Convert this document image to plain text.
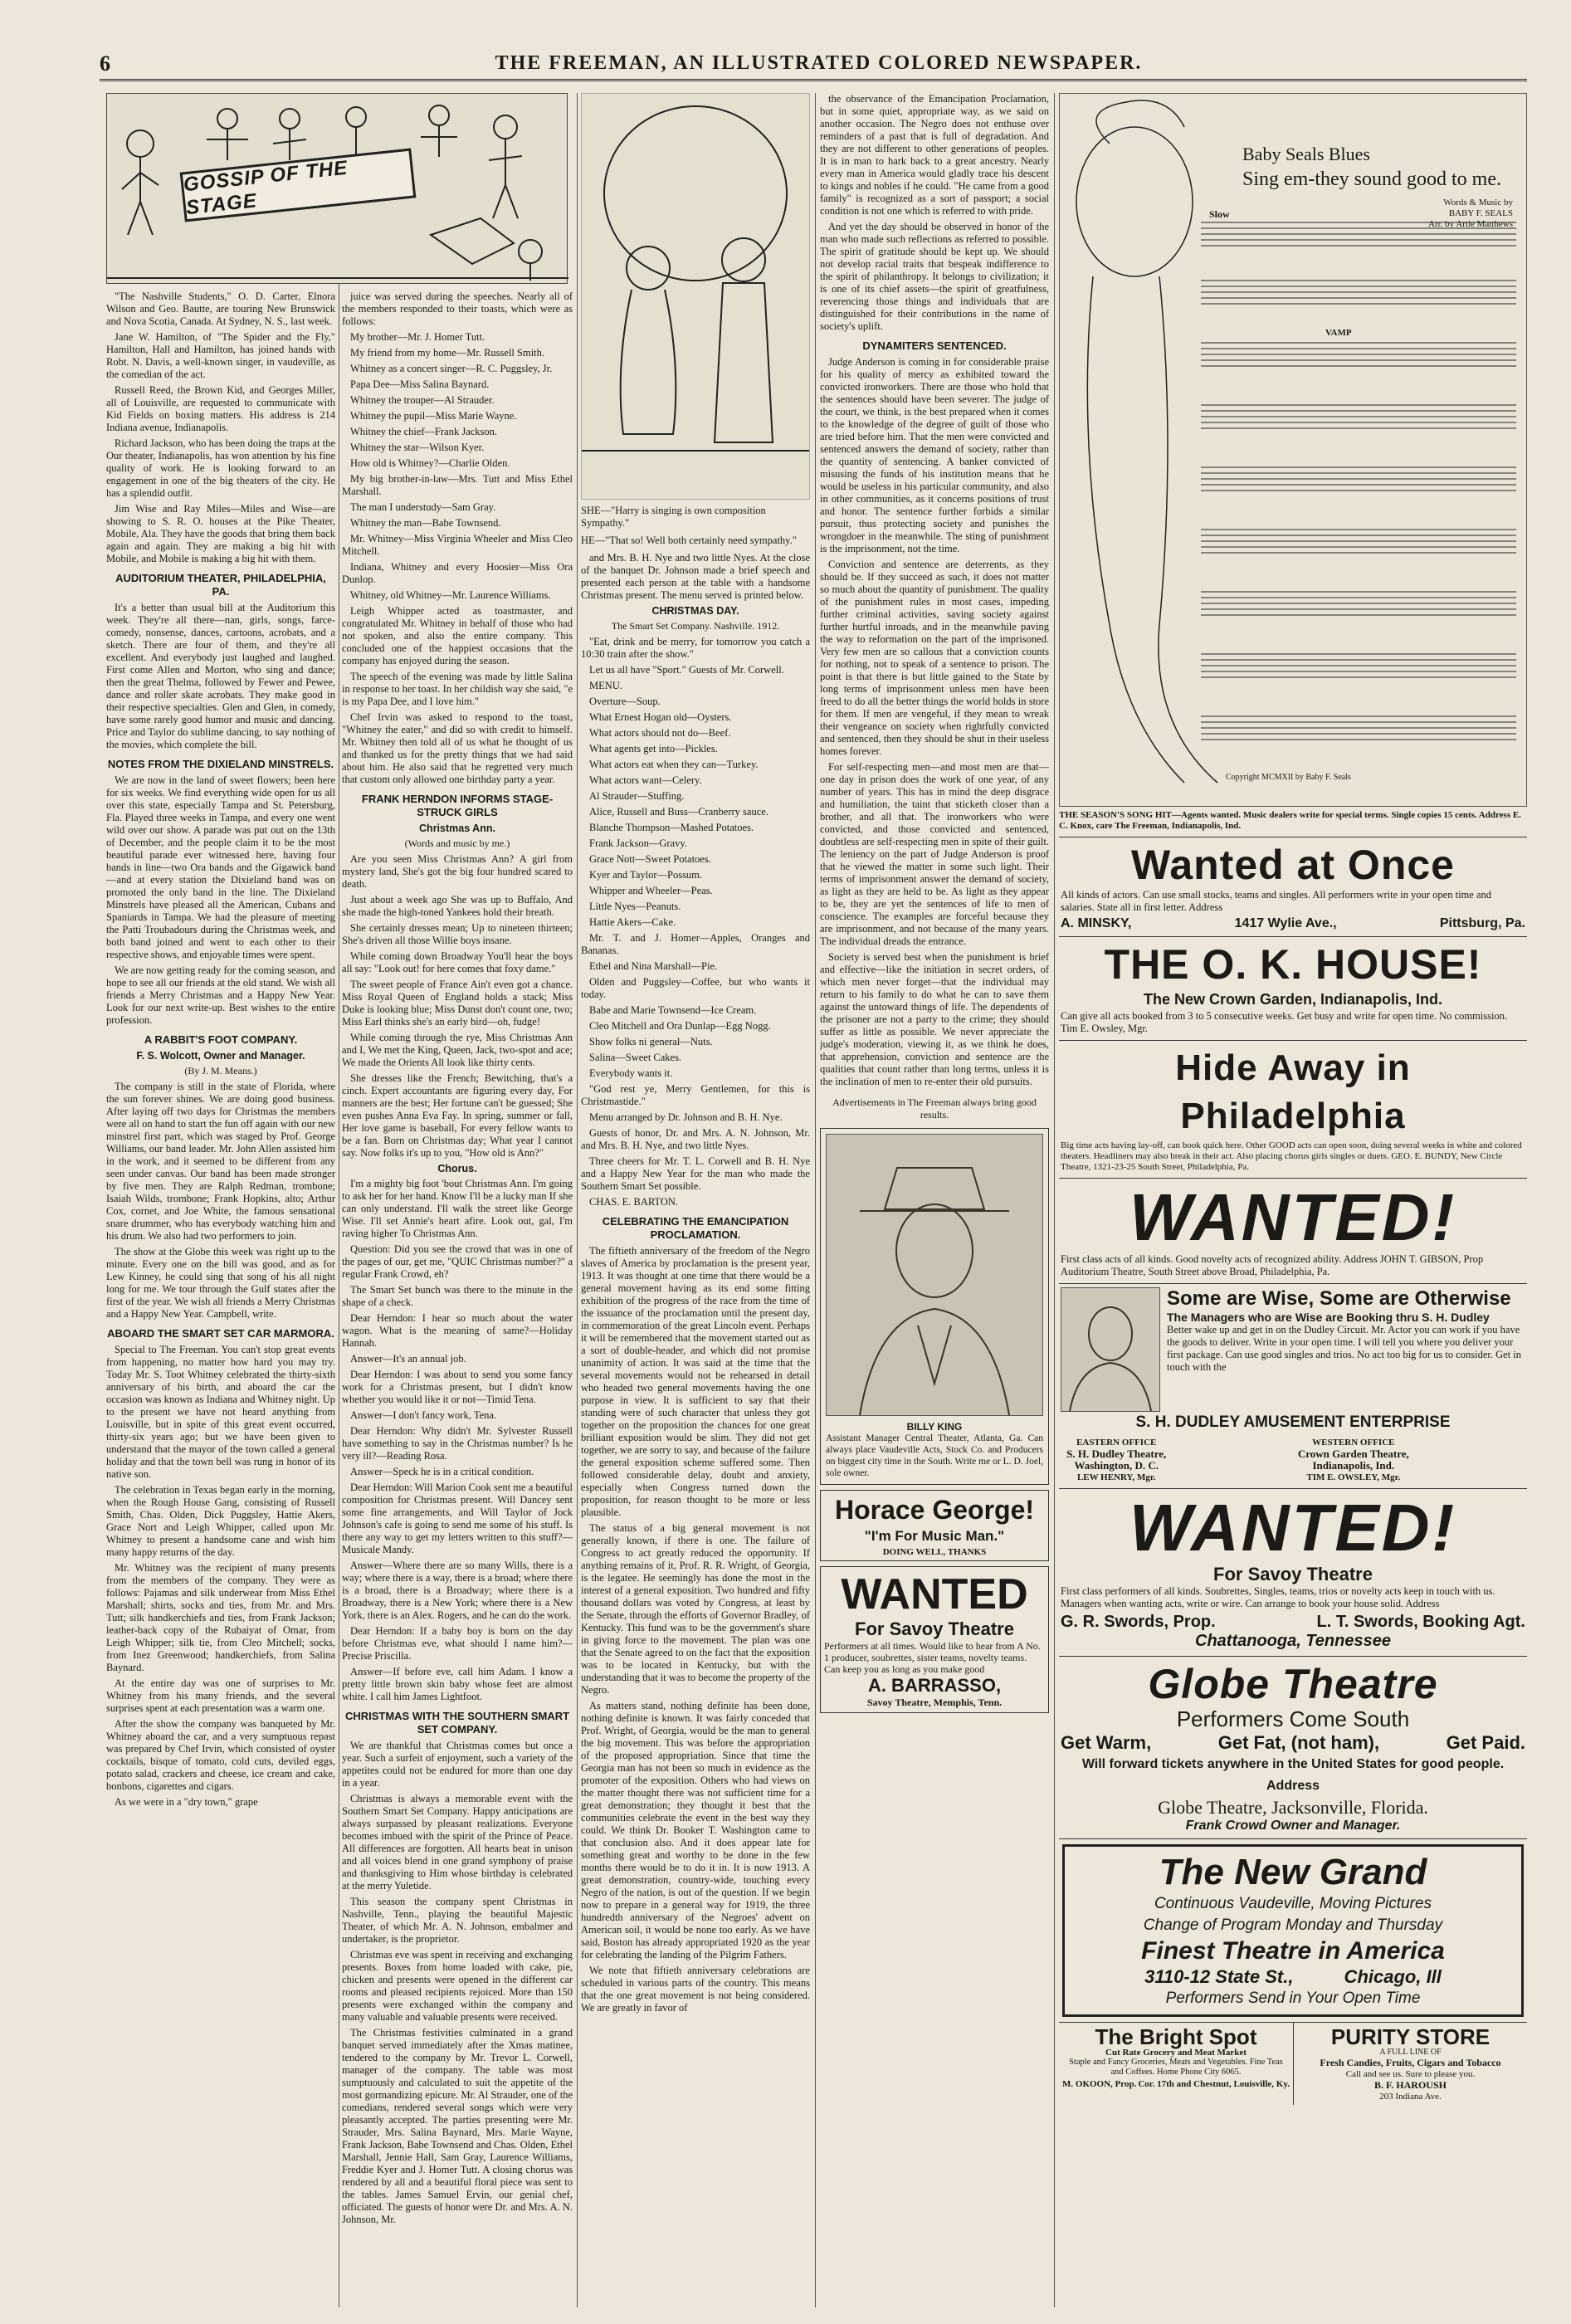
6	THE FREEMAN, AN ILLUSTRATED COLORED NEWSPAPER.
GOSSIP OF THE STAGE

"The Nashville Students," O. D. Carter, Elnora Wilson and Geo. Bautte, are touring New Brunswick and Nova Scotia, Canada. At Sydney, N. S., last week.

Jane W. Hamilton, of "The Spider and the Fly," Hamilton, Hall and Hamilton, has joined hands with Robt. N. Davis, a well-known singer, in vaudeville, as the comedian of the act.

Russell Reed, the Brown Kid, and Georges Miller, all of Louisville, are requested to communicate with Kid Fields on boxing matters. His address is 214 Indiana avenue, Indianapolis.

Richard Jackson, who has been doing the traps at the Our theater, Indianapolis, has won attention by his fine quality of work. He is looking forward to an engagement in one of the big theaters of the city. He has a splendid outfit.

Jim Wise and Ray Miles—Miles and Wise—are showing to S. R. O. houses at the Pike Theater, Mobile, Ala. They have the goods that bring them back again and again. They are making a big hit with Mobile, and Mobile is making a big hit with them.

AUDITORIUM THEATER, PHILADELPHIA, PA.

It's a better than usual bill at the Auditorium this week. They're all there—nan, girls, songs, farce-comedy, nonsense, dances, cartoons, acrobats, and a sketch. There are four of them, and they're all excellent. And everybody just laughed and laughed. First come Allen and Morton, who sing and dance; then the great Thelma, followed by Fewer and Pewee, dance and roller skate acrobats. They make good in their respective specialties. Glen and Glen, in comedy, have some rarely good humor and music and dancing. Price and Taylor do sublime dancing, to say nothing of the movies, which complete the bill.

NOTES FROM THE DIXIELAND MINSTRELS.

We are now in the land of sweet flowers; been here for six weeks. We find everything wide open for us all over this state, especially Tampa and St. Petersburg, Fla. Played three weeks in Tampa, and every one went wild over our show. A parade was put out on the 13th of December, and the people claim it to be the most beautiful parade ever witnessed here, having four bands in line—two Ora bands and the Gigawick band—and at every station the Dixieland band was on promoted the only band in the line. The Dixieland Minstrels have pleased all the American, Cubans and Spaniards in Tampa. We had the pleasure of meeting the Patti Troubadours during the Christmas week, and both band joined and went to each other to their respective shows, and enjoyable times were spent.

We are now getting ready for the coming season, and hope to see all our friends at the old stand. We wish all friends a Merry Christmas and a Happy New Year. Look for our next write-up. Best wishes to the entire profession.

A RABBIT'S FOOT COMPANY.
F. S. Wolcott, Owner and Manager.
(By J. M. Means.)

The company is still in the state of Florida, where the sun forever shines. We are doing good business. After laying off two days for Christmas the members were all on hand to start the fun off again with our new minstrel first part, which was staged by Prof. George Williams, our band leader. Mr. John Allen assisted him in the work, and it seemed to be different from any seen under canvas. Our band has been made stronger by five men. They are Ralph Redman, trombone; Isaiah Wilds, trombone; Frank Hopkins, alto; Arthur Cox, cornet, and Joe White, the famous sensational snare drummer, who has everybody watching him and his drum. We also had two performers to join.

The show at the Globe this week was right up to the minute. Every one on the bill was good, and as for Lew Kinney, he could sing that song of his all night long for me. We tour through the Gulf states after the first of the year. We wish all friends a Merry Christmas and a Happy New Year. Campbell, write.

ABOARD THE SMART SET CAR MARMORA.

Special to The Freeman. You can't stop great events from happening, no matter how hard you may try. Today Mr. S. Toot Whitney celebrated the thirty-sixth anniversary of his birth, and aboard the car the occasion was known as Indiana and Whitney night. Up to the present we have not heard anything from Louisville, but in spite of this great event occurred, thirty-six years ago; but we have been given to understand that the mayor of the town called a general holiday and that the town bell was rung in honor of its native son.

The celebration in Texas began early in the morning, when the Rough House Gang, consisting of Russell Smith, Chas. Olden, Dick Puggsley, Hattie Akers, Grace Nort and Leigh Whipper, called upon Mr. Whitney to present a handsome cane and wish him many happy returns of the day.

Mr. Whitney was the recipient of many presents from the members of the company. They were as follows: Pajamas and silk underwear from Miss Ethel Marshall; shirts, socks and ties, from Mr. and Mrs. Tutt; silk handkerchiefs and ties, from Frank Jackson; leather-back copy of the Rubaiyat of Omar, from Leigh Whipper; silk tie, from Cleo Mitchell; socks, from Inez Greenwood; handkerchiefs, from Salina Baynard.

At the entire day was one of surprises to Mr. Whitney from his many friends, and the several surprises spent at each presentation was a warm one.

After the show the company was banqueted by Mr. Whitney aboard the car, and a very sumptuous repast was prepared by Chef Irvin, which consisted of oyster cocktails, bisque of tomato, cold cuts, deviled eggs, potato salad, crackers and cheese, ice cream and cake, bonbons, cigarettes and cigars.

As we were in a "dry town," grape

juice was served during the speeches. Nearly all of the members responded to their toasts, which were as follows:

My brother—Mr. J. Homer Tutt.

My friend from my home—Mr. Russell Smith.

Whitney as a concert singer—R. C. Puggsley, Jr.

Papa Dee—Miss Salina Baynard.

Whitney the trouper—Al Strauder.

Whitney the pupil—Miss Marie Wayne.

Whitney the chief—Frank Jackson.

Whitney the star—Wilson Kyer.

How old is Whitney?—Charlie Olden.

My big brother-in-law—Mrs. Tutt and Miss Ethel Marshall.

The man I understudy—Sam Gray.

Whitney the man—Babe Townsend.

Mr. Whitney—Miss Virginia Wheeler and Miss Cleo Mitchell.

Indiana, Whitney and every Hoosier—Miss Ora Dunlop.

Whitney, old Whitney—Mr. Laurence Williams.

Leigh Whipper acted as toastmaster, and congratulated Mr. Whitney in behalf of those who had not spoken, and also the entire company. This concluded one of the happiest occasions that the company has enjoyed during the season.

The speech of the evening was made by little Salina in response to her toast. In her childish way she said, "e is my Papa Dee, and I love him."

Chef Irvin was asked to respond to the toast, "Whitney the eater," and did so with credit to himself. Mr. Whitney then told all of us what he thought of us and thanked us for the pretty things that we had said about him. He also said that he regretted very much that custom only allowed one birthday party a year.

FRANK HERNDON INFORMS STAGE-STRUCK GIRLS
Christmas Ann.
(Words and music by me.)

Are you seen Miss Christmas Ann? A girl from mystery land, She's got the big four hundred scared to death.

Just about a week ago She was up to Buffalo, And she made the high-toned Yankees hold their breath.

She certainly dresses mean; Up to nineteen thirteen; She's driven all those Willie boys insane.

While coming down Broadway You'll hear the boys all say: "Look out! for here comes that foxy dame."

The sweet people of France Ain't even got a chance. Miss Royal Queen of England holds a stack; Miss Duke is looking blue; Miss Dunst don't count one, two; Miss Earl thinks she's an early bird—oh, fudge!

While coming through the rye, Miss Christmas Ann and I, We met the King, Queen, Jack, two-spot and ace; We made the Orients All look like thirty cents.

She dresses like the French; Bewitching, that's a cinch. Expert accountants are figuring every day, For manners are the best; Her fortune can't be guessed; She even pushes Anna Eva Fay. In spring, summer or fall, Her love game is baseball, For every fellow wants to be a fan. Born on Christmas day; What year I cannot say. Now folks it's up to you, "How old is Ann?"

Chorus.

I'm a mighty big foot 'bout Christmas Ann. I'm going to ask her for her hand. Know I'll be a lucky man If she can only understand. I'll walk the street like George Wise. I'll set Annie's heart afire. Look out, gal, I'm raving higher To Christmas Ann.

Question: Did you see the crowd that was in one of the pages of our, get me, "QUIC Christmas number?" a regular Frank Crowd, eh?

The Smart Set bunch was there to the minute in the shape of a check.

Dear Herndon: I hear so much about the water wagon. What is the meaning of same?—Holiday Hannah.

Answer—It's an annual job.

Dear Herndon: I was about to send you some fancy work for a Christmas present, but I didn't know whether you would like it or not—Timid Tena.

Answer—I don't fancy work, Tena.

Dear Herndon: Why didn't Mr. Sylvester Russell have something to say in the Christmas number? Is he very ill?—Reading Rosa.

Answer—Speck he is in a critical condition.

Dear Herndon: Will Marion Cook sent me a beautiful composition for Christmas present. Will Dancey sent some fine arrangements, and Will Taylor of Jock Johnson's cafe is going to send me some of his stuff. Is there any way to get my letters written to this stuff?—Musicale Mandy.

Answer—Where there are so many Wills, there is a way; where there is a way, there is a broad; where there is a broad, there is a Broadway; where there is a Broadway, there is a New York; where there is a New York, there is an Alex. Rogers, and he can do the work.

Dear Herndon: If a baby boy is born on the day before Christmas eve, what should I name him?—Precise Priscilla.

Answer—If before eve, call him Adam. I know a pretty little brown skin baby whose feet are almost white. I call him James Lightfoot.

CHRISTMAS WITH THE SOUTHERN SMART SET COMPANY.

We are thankful that Christmas comes but once a year. Such a surfeit of enjoyment, such a variety of the appetites could not be endured for more than one day in a year.

Christmas is always a memorable event with the Southern Smart Set Company. Happy anticipations are always surpassed by pleasant realizations. Everyone becomes imbued with the spirit of the Prince of Peace. All differences are forgotten. All hearts beat in unison and all voices blend in one grand symphony of praise and thanksgiving to Him whose birthday is celebrated at the merry Yuletide.

This season the company spent Christmas in Nashville, Tenn., playing the beautiful Majestic Theater, of which Mr. A. N. Johnson, embalmer and undertaker, is the proprietor.

Christmas eve was spent in receiving and exchanging presents. Boxes from home loaded with cake, pie, chicken and presents were opened in the different car rooms and pleased recipients rejoiced. More than 150 presents were exchanged within the company and many valuable and valuable presents were received.

The Christmas festivities culminated in a grand banquet served immediately after the Xmas matinee, tendered to the company by Mr. Trevor L. Corwell, manager of the company. The table was most sumptuously and calculated to suit the appetite of the most gormandizing epicure. Mr. Al Strauder, one of the comedians, rendered several songs which were very pleasantly accepted. The parties presenting were Mr. Strauder, Mrs. Salina Baynard, Mrs. Marie Wayne, Frank Jackson, Babe Townsend and Chas. Olden, Ethel Marshall, Jennie Hall, Sam Gray, Laurence Williams, Freddie Kyer and J. Homer Tutt. A closing chorus was rendered by all and a beautiful floral piece was sent to the tables. James Samuel Ervin, our genial chef, officiated. The guests of honor were Dr. and Mrs. A. N. Johnson, Mr.

SHE—"Harry is singing is own composition Sympathy."
HE—"That so! Well both certainly need sympathy."

and Mrs. B. H. Nye and two little Nyes. At the close of the banquet Dr. Johnson made a brief speech and presented each person at the table with a handsome Christmas present. The menu served is printed below.

CHRISTMAS DAY.
The Smart Set Company. Nashville. 1912.

"Eat, drink and be merry, for tomorrow you catch a 10:30 train after the show."

Let us all have "Sport." Guests of Mr. Corwell.

MENU.

Overture—Soup.

What Ernest Hogan old—Oysters.

What actors should not do—Beef.

What agents get into—Pickles.

What actors eat when they can—Turkey.

What actors want—Celery.

Al Strauder—Stuffing.

Alice, Russell and Buss—Cranberry sauce.

Blanche Thompson—Mashed Potatoes.

Frank Jackson—Gravy.

Grace Nott—Sweet Potatoes.

Kyer and Taylor—Possum.

Whipper and Wheeler—Peas.

Little Nyes—Peanuts.

Hattie Akers—Cake.

Mr. T. and J. Homer—Apples, Oranges and Bananas.

Ethel and Nina Marshall—Pie.

Olden and Puggsley—Coffee, but who wants it today.

Babe and Marie Townsend—Ice Cream.

Cleo Mitchell and Ora Dunlap—Egg Nogg.

Show folks ni general—Nuts.

Salina—Sweet Cakes.

Everybody wants it.

"God rest ye, Merry Gentlemen, for this is Christmastide."

Menu arranged by Dr. Johnson and B. H. Nye.

Guests of honor, Dr. and Mrs. A. N. Johnson, Mr. and Mrs. B. H. Nye, and two little Nyes.

Three cheers for Mr. T. L. Corwell and B. H. Nye and a Happy New Year for the man who made the Southern Smart Set possible.

CHAS. E. BARTON.

CELEBRATING THE EMANCIPATION PROCLAMATION.

The fiftieth anniversary of the freedom of the Negro slaves of America by proclamation is the present year, 1913. It was thought at one time that there would be a general movement having as its end some fitting exhibition of the progress of the race from the time of the issuance of the proclamation until the present day, in commemoration of the great Lincoln event. Perhaps it will be remembered that the movement started out as a sort of double-header, and which did not promise unanimity of action. It was said at the time that the several movements would not be rehearsed in detail who headed two general movements having the one purpose in view. It is sufficient to say that their standing were of such character that unless they got together on the proposition the chances for one great brilliant exposition would be slim. They did not get together, we are sorry to say, and because of the failure the general exposition scheme suffered some. Then followed considerable delay, doubt and anxiety, especially when Congress turned down the proposition, for reason thought to be more or less plausible.

The status of a big general movement is not generally known, if there is one. The failure of Congress to act greatly reduced the opportunity. If anything remains of it, Prof. R. R. Wright, of Georgia, is the legatee. He seemingly has done the most in the interest of a general exposition. Two hundred and fifty thousand dollars was voted by Congress, at least by the Senate, through the efforts of Governor Bradley, of Kentucky. This fund was to be the government's share in giving force to the movement. The plan was one that the Senate agreed to on the fact that the exposition was to be located in Kentucky, but with the understanding that it was to become the property of the Negro.

As matters stand, nothing definite has been done, nothing definite is known. It was fairly conceded that Prof. Wright, of Georgia, would be the man to general the big movement. This was before the appropriation of the proposed appropriation. Since that time the Georgia man has not been so much in evidence as the promoter of the exposition. Others who had views on the matter thought there was not sufficient time for a great demonstration; they thought it best that the communities celebrate the event in the best way they could. We think Dr. Booker T. Washington came to that conclusion also. And it does appear late for something great and worthy to be done in the few months there would be to do it in. It is now 1913. A great demonstration, country-wide, touching every Negro of the nation, is out of the question. If we begin now to prepare in a general way for 1919, the three hundredth anniversary of the Negroes' advent on American soil, it would be none too early. As we have said, Boston has already appropriated 1920 as the year for celebrating the landing of the Pilgrim Fathers.

We note that fiftieth anniversary celebrations are scheduled in various parts of the country. This means that the one great movement is not being considered. We are greatly in favor of

the observance of the Emancipation Proclamation, but in some quiet, appropriate way, as we said on another occasion. The Negro does not enthuse over reminders of a past that is full of degradation. And they are not different to other generations of peoples. It is in man to hark back to a great ancestry. Nearly every man in America would gladly trace his descent to kings and nobles if he could. "He came from a good family" is recognized as a sort of passport; a social condition is not one which is referred to with pride.

And yet the day should be observed in honor of the man who made such reflections as referred to possible. The spirit of gratitude should be kept up. We should not develop racial traits that bespeak indifference to the spirit of philanthropy. It belongs to civilization; it is one of its chief assets—the spirit of greatfulness, reverencing those things and individuals that are distinguished for their contributions in the name of society's uplift.

DYNAMITERS SENTENCED.

Judge Anderson is coming in for considerable praise for his quality of mercy as exhibited toward the convicted ironworkers. There are those who hold that the sentences should have been severer. The judge of the court, we think, is the best prepared when it comes to the knowledge of the degree of guilt of those who are tried before him. That the men were convicted and sentenced answers the demand of society, rather than the quantity of sentencing. A banker convicted of misusing the funds of his institution means that he would be useless in his particular community, and also in other communities, as it concerns positions of trust and honor. The sentence further forbids a similar pursuit, thus protecting society and punishes the wrongdoer in the meanwhile. The sting of punishment is the imprisonment, not the time.

Conviction and sentence are deterrents, as they should be. If they succeed as such, it does not matter so much about the quantity of punishment. The quality of the punishment rules in most cases, impeding further criminal activities, saving society against further hurtful inroads, and in the meanwhile paving the way to reformation on the part of the imprisoned. Very few men are so callous that a conviction counts for nothing, not to speak of a sentence to prison. The point is that there is but little gained to the State by long terms of imprisonment unless men have been freed to do all the better things the world holds in store for them. If men are vengeful, if they mean to wreak their vengeance on society when rightfully convicted and sentenced, then they should be shut in their useless homes forever.

For self-respecting men—and most men are that—one day in prison does the work of one year, of any number of years. This has in mind the deep disgrace and humiliation, the taint that sticketh closer than a brother, and all that. The ironworkers who were convicted, and those convicted and sentenced, doubtless are self-respecting men in spite of their guilt. The leniency on the part of Judge Anderson is proof that he viewed the matter in some such light. Their terms of imprisonment answer the demand of society, as light as they are held to be. As light as they appear to be, they are yet the sentences of life to men of conscience. The examples are forceful because they are imprisonment, and not because of the many years. The individual dreads the entrance.

Society is served best when the punishment is brief and effective—like the initiation in secret orders, of which men never forget—that the individual may return to his family to do what he can to save them against the untoward things of life. The dependents of the prisoner are not a party to the crime; they should suffer as little as possible. We never appreciate the judge's moderation, viewing it, as we think he does, that apprehension, conviction and sentence are the qualities that count rather than long terms, unless it is the inclination of men to re-enter their old pursuits.

Advertisements in The Freeman always bring good results.
BILLY KING
Assistant Manager Central Theater, Atlanta, Ga. Can always place Vaudeville Acts, Stock Co. and Producers on biggest city time in the South. Write me or L. D. Joel, sole owner.
Horace George!
"I'm For Music Man."
DOING WELL, THANKS
WANTED
For Savoy Theatre
Performers at all times. Would like to hear from A No. 1 producer, soubrettes, sister teams, novelty teams. Can keep you as long as you make good
A. BARRASSO,
Savoy Theatre, Memphis, Tenn.
Baby Seals Blues
Sing em-they sound good to me.
Words & Music by
BABY F. SEALS
Arr. by Artie Matthews
Slow
VAMP
Copyright MCMXII by Baby F. Seals
THE SEASON'S SONG HIT—Agents wanted. Music dealers write for special terms. Single copies 15 cents. Address E. C. Knox, care The Freeman, Indianapolis, Ind.
Wanted at Once
All kinds of actors. Can use small stocks, teams and singles. All performers write in your open time and salaries. State all in first letter. Address
A. MINSKY,	1417 Wylie Ave.,	Pittsburg, Pa.
THE O. K. HOUSE!
The New Crown Garden, Indianapolis, Ind.
Can give all acts booked from 3 to 5 consecutive weeks. Get busy and write for open time. No commission. Tim E. Owsley, Mgr.
Hide Away in Philadelphia
Big time acts having lay-off, can book quick here. Other GOOD acts can open soon, doing several weeks in white and colored theaters. Headliners may also break in their act. Also placing chorus girls singles or duets. GEO. E. BUNDY, New Circle Theatre, 1321-23-25 South Street, Philadelphia, Pa.
WANTED!
First class acts of all kinds. Good novelty acts of recognized ability. Address JOHN T. GIBSON, Prop Auditorium Theatre, South Street above Broad, Philadelphia, Pa.
Some are Wise, Some are Otherwise
The Managers who are Wise are Booking thru S. H. Dudley
Better wake up and get in on the Dudley Circuit. Mr. Actor you can work if you have the goods to deliver. Write in your open time. I will tell you where you deliver your first package. Can use good singles and trios. No act too big for us to consider. Get in touch with the
S. H. DUDLEY AMUSEMENT ENTERPRISE
EASTERN OFFICE
S. H. Dudley Theatre, Washington, D. C.
LEW HENRY, Mgr.
WESTERN OFFICE
Crown Garden Theatre, Indianapolis, Ind.
TIM E. OWSLEY, Mgr.
WANTED!
For Savoy Theatre
First class performers of all kinds. Soubrettes, Singles, teams, trios or novelty acts keep in touch with us. Managers when wanting acts, write or wire. Can arrange to book your house solid. Address
G. R. Swords, Prop.	L. T. Swords, Booking Agt.
Chattanooga, Tennessee
Globe Theatre
Performers Come South
Get Warm,	Get Fat, (not ham),	Get Paid.
Will forward tickets anywhere in the United States for good people. Address
Globe Theatre, Jacksonville, Florida.
Frank Crowd Owner and Manager.
The New Grand
Continuous Vaudeville, Moving Pictures
Change of Program Monday and Thursday
Finest Theatre in America
3110-12 State St.,          Chicago, Ill
Performers Send in Your Open Time
The Bright Spot
Cut Rate Grocery and Meat Market
Staple and Fancy Groceries, Meats and Vegetables. Fine Teas and Coffees. Home Phone City 6065.
M. OKOON, Prop. Cor. 17th and Chestnut, Louisville, Ky.
PURITY STORE
A FULL LINE OF
Fresh Candies, Fruits, Cigars and Tobacco
Call and see us. Sure to please you.
B. F. HAROUSH
203 Indiana Ave.
